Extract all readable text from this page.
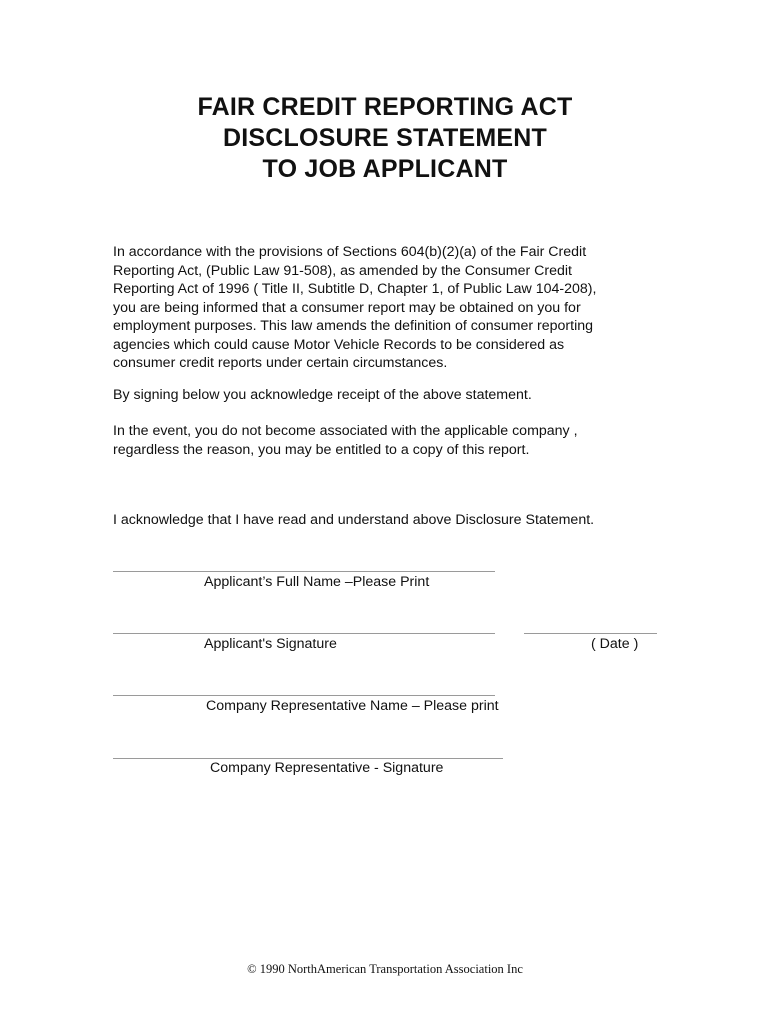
FAIR CREDIT REPORTING ACT
DISCLOSURE STATEMENT
TO JOB APPLICANT
In accordance with the provisions of Sections 604(b)(2)(a) of the Fair Credit
Reporting Act, (Public Law 91-508), as amended by the Consumer Credit
Reporting Act of 1996 ( Title II, Subtitle D, Chapter 1, of Public Law 104-208),
you are being informed that a consumer report may be obtained on you for
employment purposes. This law amends the definition of consumer reporting
agencies which could cause Motor Vehicle Records to be considered as
consumer credit reports under certain circumstances.
By signing below you acknowledge receipt of the above statement.
In the event, you do not become associated with the applicable company ,
regardless the reason, you may be entitled to a copy of this report.
I acknowledge that I have read and understand above Disclosure Statement.
Applicant’s Full Name –Please Print
Applicant's Signature	( Date )
Company Representative Name – Please print
Company Representative - Signature
© 1990 NorthAmerican Transportation Association Inc
